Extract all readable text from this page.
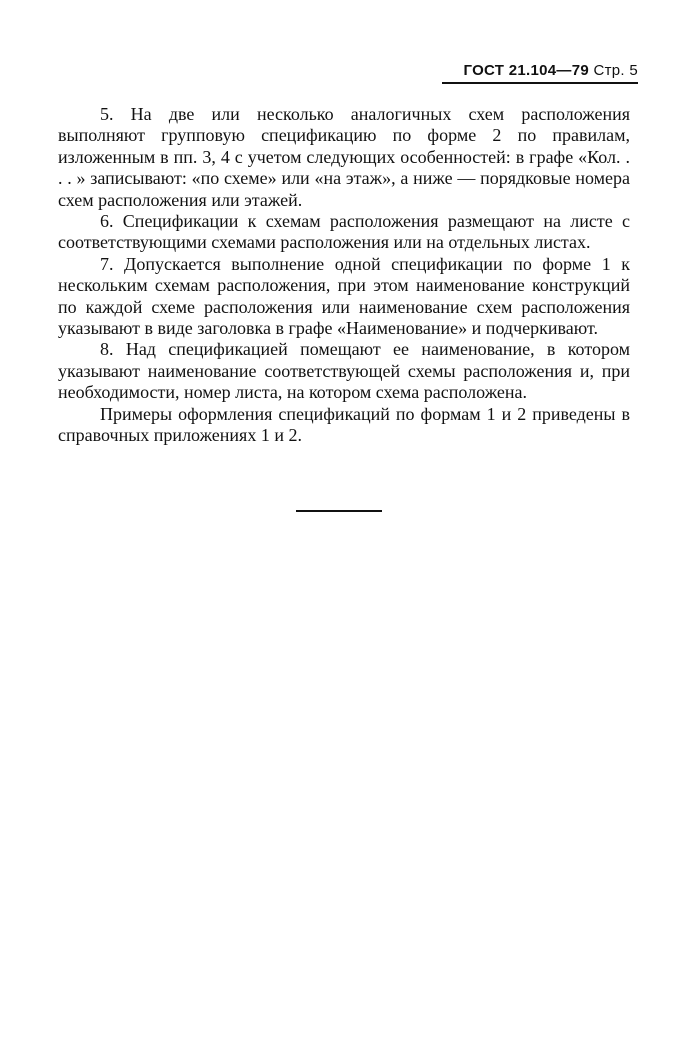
ГОСТ 21.104—79 Стр. 5

5. На две или несколько аналогичных схем расположения выполняют групповую спецификацию по форме 2 по правилам, изложенным в пп. 3, 4 с учетом следующих особенностей: в графе «Кол. . . . » записывают: «по схеме» или «на этаж», а ниже — порядковые номера схем расположения или этажей.

6. Спецификации к схемам расположения размещают на листе с соответствующими схемами расположения или на отдельных листах.

7. Допускается выполнение одной спецификации по форме 1 к нескольким схемам расположения, при этом наименование конструкций по каждой схеме расположения или наименование схем расположения указывают в виде заголовка в графе «Наименование» и подчеркивают.

8. Над спецификацией помещают ее наименование, в котором указывают наименование соответствующей схемы расположения и, при необходимости, номер листа, на котором схема расположена.

Примеры оформления спецификаций по формам 1 и 2 приведены в справочных приложениях 1 и 2.
